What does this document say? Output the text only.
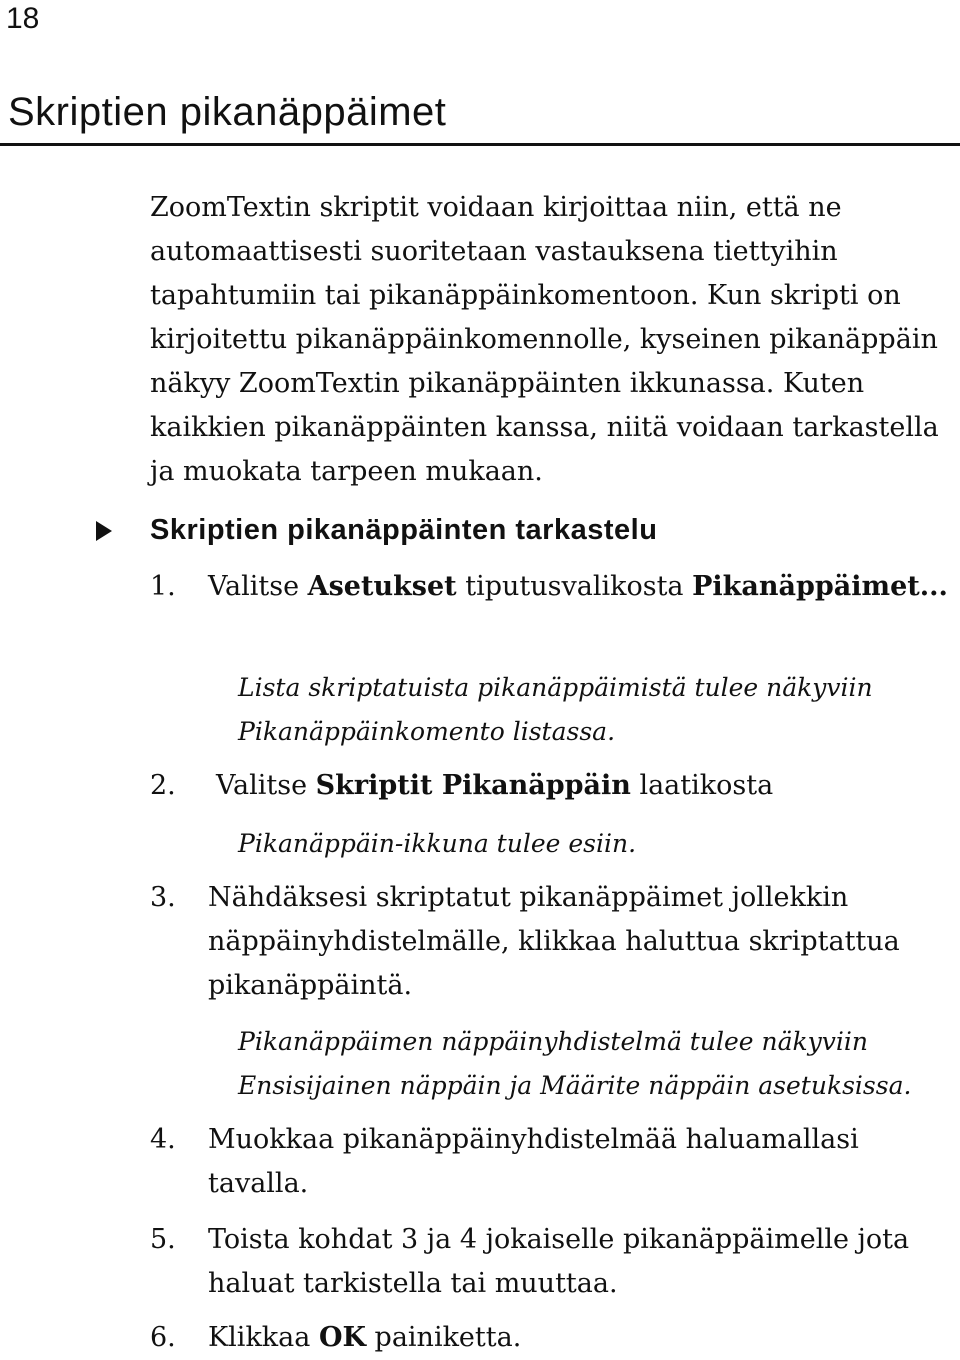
18
Skriptien pikanäppäimet

ZoomTextin skriptit voidaan kirjoittaa niin, että ne automaattisesti suoritetaan vastauksena tiettyihin tapahtumiin tai pikanäppäinkomentoon. Kun skripti on kirjoitettu pikanäppäinkomennolle, kyseinen pikanäppäin näkyy ZoomTextin pikanäppäinten ikkunassa. Kuten kaikkien pikanäppäinten kanssa, niitä voidaan tarkastella ja muokata tarpeen mukaan.

Skriptien pikanäppäinten tarkastelu
1.	Valitse Asetukset tiputusvalikosta Pikanäppäimet...
Lista skriptatuista pikanäppäimistä tulee näkyviin Pikanäppäinkomento listassa.
2.	Valitse Skriptit Pikanäppäin laatikosta
Pikanäppäin-ikkuna tulee esiin.
3.	Nähdäksesi skriptatut pikanäppäimet jollekkin näppäinyhdistelmälle, klikkaa haluttua skriptattua pikanäppäintä.
Pikanäppäimen näppäinyhdistelmä tulee näkyviin Ensisijainen näppäin ja Määrite näppäin asetuksissa.
4.	Muokkaa pikanäppäinyhdistelmää haluamallasi tavalla.
5.	Toista kohdat 3 ja 4 jokaiselle pikanäppäimelle jota haluat tarkistella tai muuttaa.
6.	Klikkaa OK painiketta.
